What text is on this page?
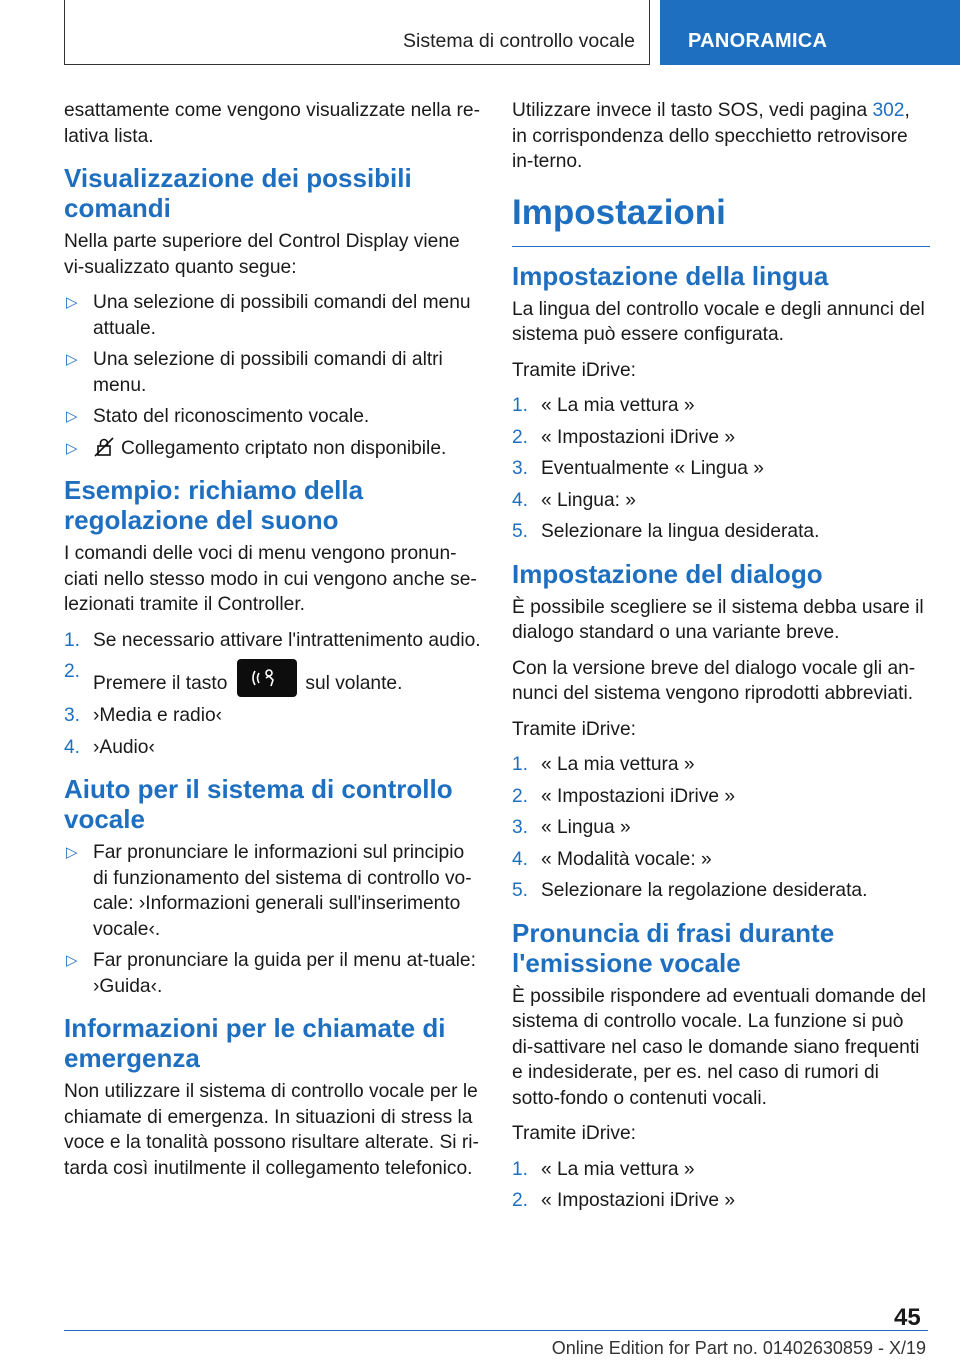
Sistema di controllo vocale	PANORAMICA

esattamente come vengono visualizzate nella re-lativa lista.

Visualizzazione dei possibili comandi

Nella parte superiore del Control Display viene vi-sualizzato quanto segue:

▷ Una selezione di possibili comandi del menu attuale.
▷ Una selezione di possibili comandi di altri menu.
▷ Stato del riconoscimento vocale.
▷ Collegamento criptato non disponibile.
Esempio: richiamo della regolazione del suono

I comandi delle voci di menu vengono pronun-ciati nello stesso modo in cui vengono anche se-lezionati tramite il Controller.

1. Se necessario attivare l'intrattenimento audio.
2.
Premere il tasto	sul volante.
3. ›Media e radio‹
4. ›Audio‹
Aiuto per il sistema di controllo vocale
▷ Far pronunciare le informazioni sul principio di funzionamento del sistema di controllo vo-cale: ›Informazioni generali sull'inserimento vocale‹.
▷ Far pronunciare la guida per il menu at-tuale: ›Guida‹.
Informazioni per le chiamate di emergenza

Non utilizzare il sistema di controllo vocale per le chiamate di emergenza. In situazioni di stress la voce e la tonalità possono risultare alterate. Si ri-tarda così inutilmente il collegamento telefonico.

Utilizzare invece il tasto SOS, vedi pagina 302, in corrispondenza dello specchietto retrovisore in-terno.

Impostazioni
Impostazione della lingua

La lingua del controllo vocale e degli annunci del sistema può essere configurata.

Tramite iDrive:

1. « La mia vettura »
2. « Impostazioni iDrive »
3. Eventualmente « Lingua »
4. « Lingua: »
5. Selezionare la lingua desiderata.
Impostazione del dialogo

È possibile scegliere se il sistema debba usare il dialogo standard o una variante breve.

Con la versione breve del dialogo vocale gli an-nunci del sistema vengono riprodotti abbreviati.

Tramite iDrive:

1. « La mia vettura »
2. « Impostazioni iDrive »
3. « Lingua »
4. « Modalità vocale: »
5. Selezionare la regolazione desiderata.
Pronuncia di frasi durante l'emissione vocale

È possibile rispondere ad eventuali domande del sistema di controllo vocale. La funzione si può di-sattivare nel caso le domande siano frequenti e indesiderate, per es. nel caso di rumori di sotto-fondo o contenuti vocali.

Tramite iDrive:

1. « La mia vettura »
2. « Impostazioni iDrive »
45
Online Edition for Part no. 01402630859 - X/19
